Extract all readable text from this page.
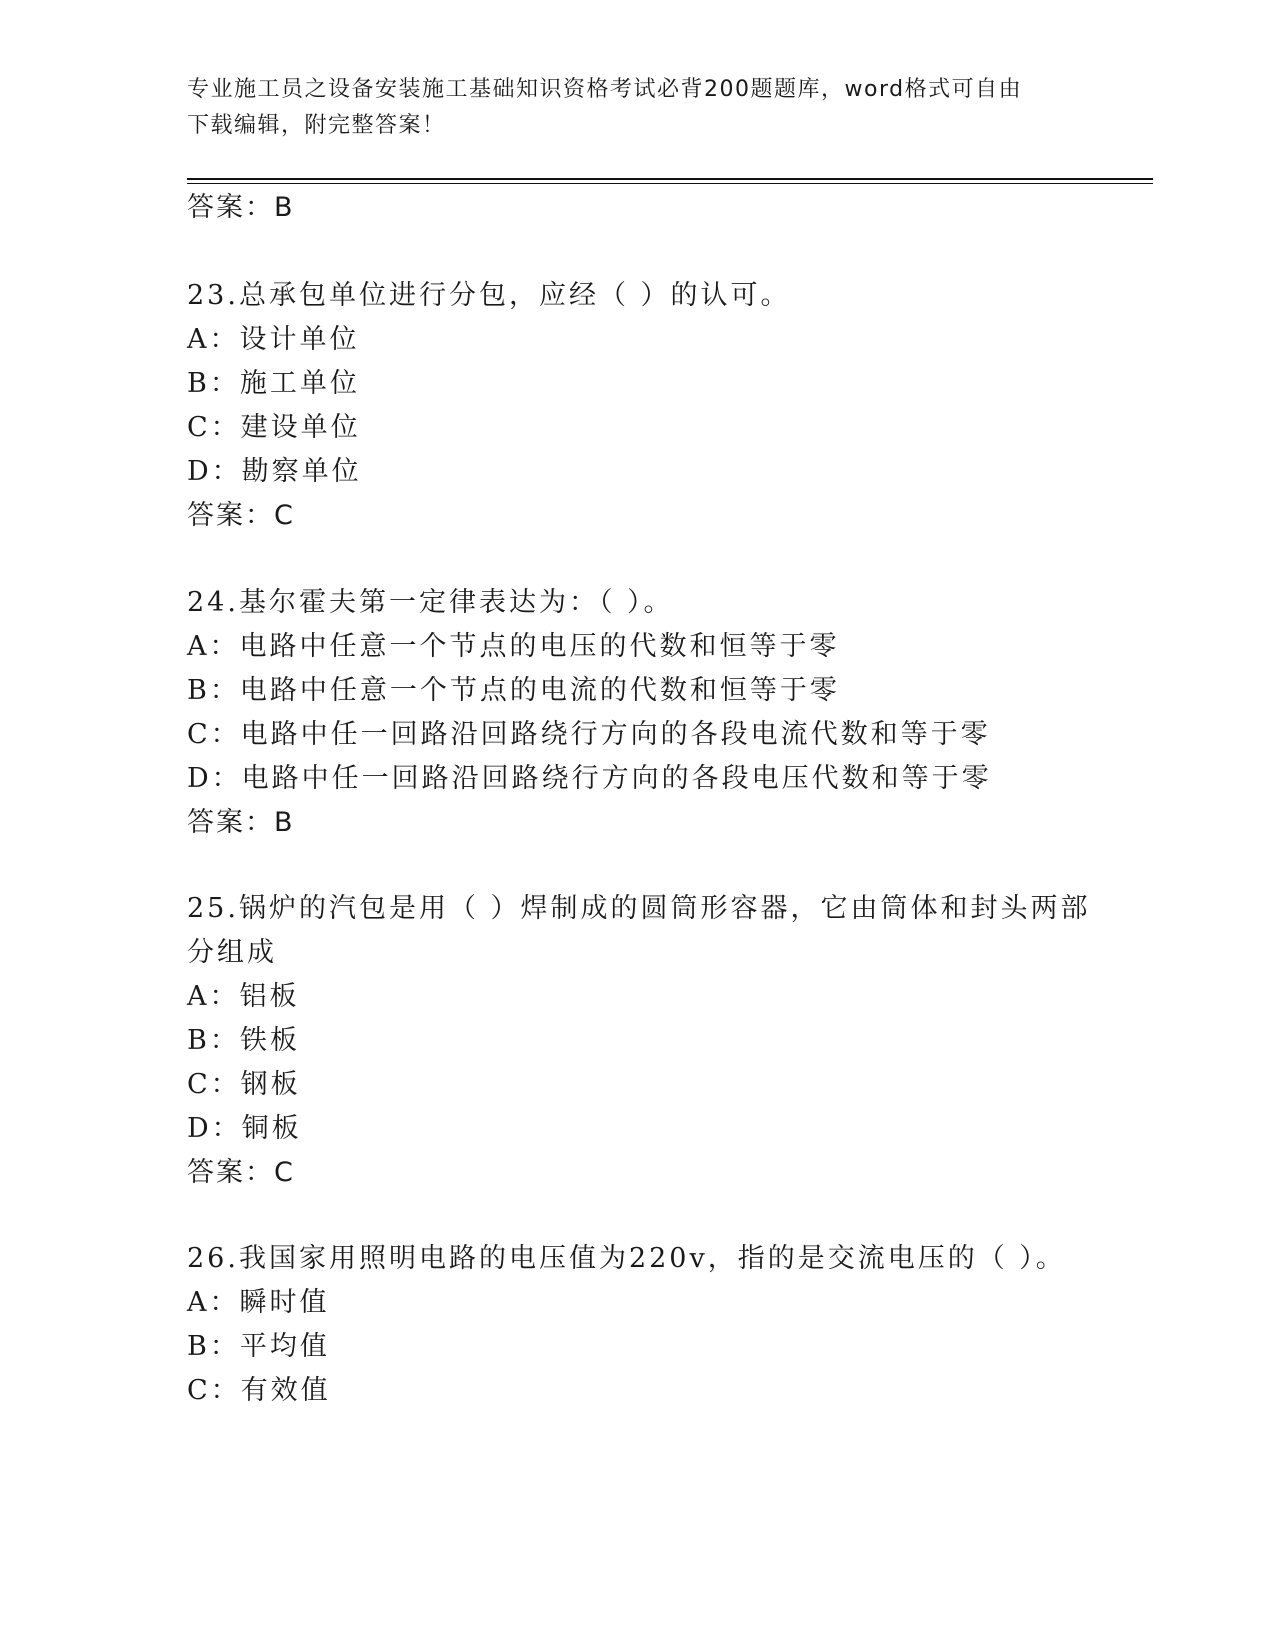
专业施工员之设备安装施工基础知识资格考试必背200题题库，word格式可自由
下载编辑，附完整答案！
答案：B
23.总承包单位进行分包，应经（ ）的认可。
A：设计单位
B：施工单位
C：建设单位
D：勘察单位
答案：C
24.基尔霍夫第一定律表达为：（ ）。
A：电路中任意一个节点的电压的代数和恒等于零
B：电路中任意一个节点的电流的代数和恒等于零
C：电路中任一回路沿回路绕行方向的各段电流代数和等于零
D：电路中任一回路沿回路绕行方向的各段电压代数和等于零
答案：B
25.锅炉的汽包是用（ ）焊制成的圆筒形容器，它由筒体和封头两部
分组成
A：铝板
B：铁板
C：钢板
D：铜板
答案：C
26.我国家用照明电路的电压值为220v，指的是交流电压的（ ）。
A：瞬时值
B：平均值
C：有效值
